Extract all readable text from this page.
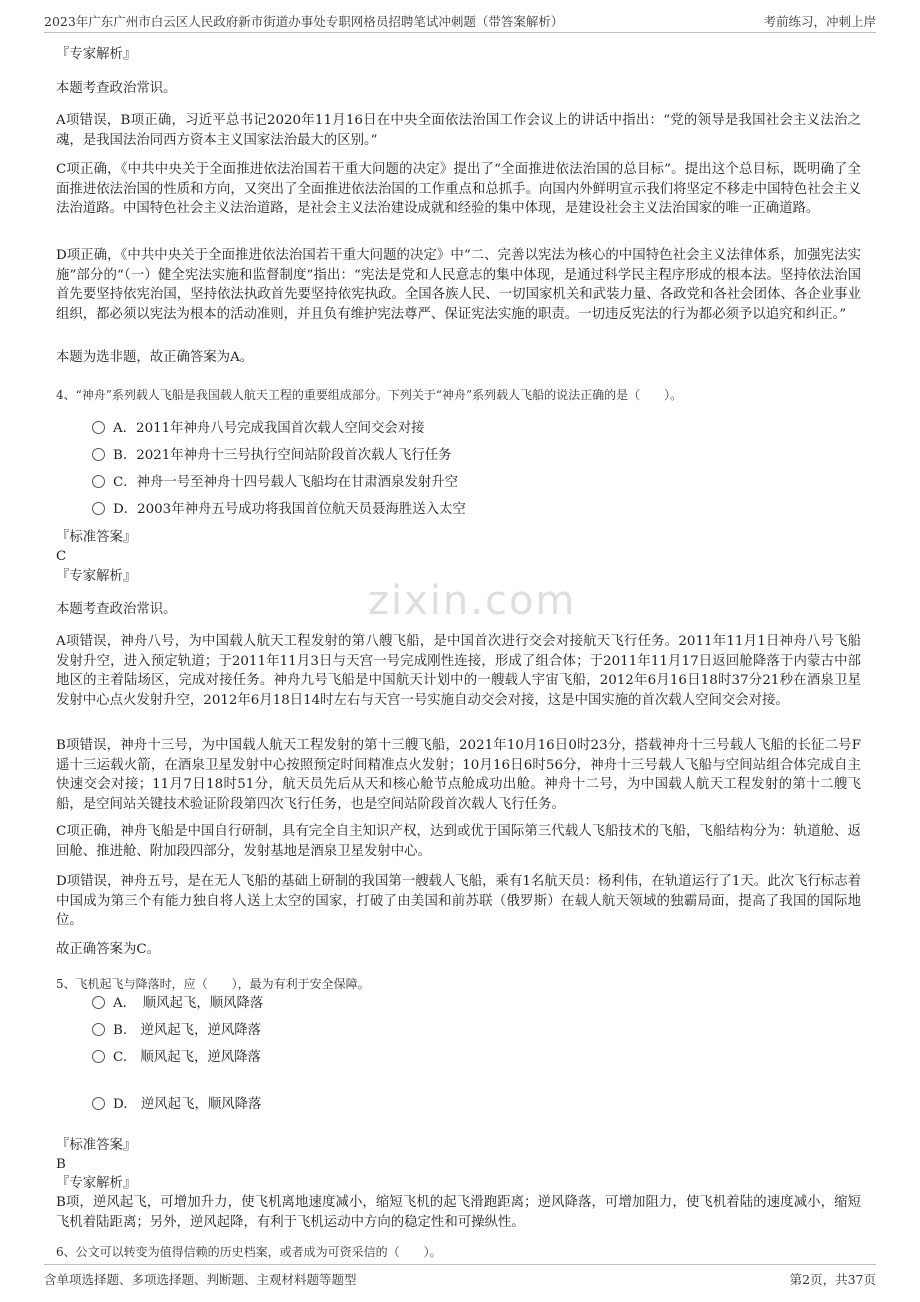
2023年广东广州市白云区人民政府新市街道办事处专职网格员招聘笔试冲刺题（带答案解析）	考前练习，冲刺上岸
zixin.com

『专家解析』

本题考查政治常识。

A项错误，B项正确，习近平总书记2020年11月16日在中央全面依法治国工作会议上的讲话中指出：“党的领导是我国社会主义法治之魂，是我国法治同西方资本主义国家法治最大的区别。”

C项正确，《中共中央关于全面推进依法治国若干重大问题的决定》提出了“全面推进依法治国的总目标”。提出这个总目标，既明确了全面推进依法治国的性质和方向，又突出了全面推进依法治国的工作重点和总抓手。向国内外鲜明宣示我们将坚定不移走中国特色社会主义法治道路。中国特色社会主义法治道路，是社会主义法治建设成就和经验的集中体现，是建设社会主义法治国家的唯一正确道路。

D项正确，《中共中央关于全面推进依法治国若干重大问题的决定》中“二、完善以宪法为核心的中国特色社会主义法律体系，加强宪法实施”部分的“（一）健全宪法实施和监督制度”指出：“宪法是党和人民意志的集中体现，是通过科学民主程序形成的根本法。坚持依法治国首先要坚持依宪治国，坚持依法执政首先要坚持依宪执政。全国各族人民、一切国家机关和武装力量、各政党和各社会团体、各企业事业组织，都必须以宪法为根本的活动准则，并且负有维护宪法尊严、保证宪法实施的职责。一切违反宪法的行为都必须予以追究和纠正。”

本题为选非题，故正确答案为A。

4、“神舟”系列载人飞船是我国载人航天工程的重要组成部分。下列关于“神舟”系列载人飞船的说法正确的是（　　）。

A．2011年神舟八号完成我国首次载人空间交会对接
B．2021年神舟十三号执行空间站阶段首次载人飞行任务
C．神舟一号至神舟十四号载人飞船均在甘肃酒泉发射升空
D．2003年神舟五号成功将我国首位航天员聂海胜送入太空

『标准答案』

C

『专家解析』

本题考查政治常识。

A项错误，神舟八号，为中国载人航天工程发射的第八艘飞船，是中国首次进行交会对接航天飞行任务。2011年11月1日神舟八号飞船发射升空，进入预定轨道；于2011年11月3日与天宫一号完成刚性连接，形成了组合体；于2011年11月17日返回舱降落于内蒙古中部地区的主着陆场区，完成对接任务。神舟九号飞船是中国航天计划中的一艘载人宇宙飞船，2012年6月16日18时37分21秒在酒泉卫星发射中心点火发射升空，2012年6月18日14时左右与天宫一号实施自动交会对接，这是中国实施的首次载人空间交会对接。

B项错误，神舟十三号，为中国载人航天工程发射的第十三艘飞船，2021年10月16日0时23分，搭载神舟十三号载人飞船的长征二号F遥十三运载火箭，在酒泉卫星发射中心按照预定时间精准点火发射；10月16日6时56分，神舟十三号载人飞船与空间站组合体完成自主快速交会对接；11月7日18时51分，航天员先后从天和核心舱节点舱成功出舱。神舟十二号，为中国载人航天工程发射的第十二艘飞船，是空间站关键技术验证阶段第四次飞行任务，也是空间站阶段首次载人飞行任务。

C项正确，神舟飞船是中国自行研制，具有完全自主知识产权，达到或优于国际第三代载人飞船技术的飞船，飞船结构分为：轨道舱、返回舱、推进舱、附加段四部分，发射基地是酒泉卫星发射中心。

D项错误，神舟五号，是在无人飞船的基础上研制的我国第一艘载人飞船，乘有1名航天员：杨利伟，在轨道运行了1天。此次飞行标志着中国成为第三个有能力独自将人送上太空的国家，打破了由美国和前苏联（俄罗斯）在载人航天领域的独霸局面，提高了我国的国际地位。

故正确答案为C。

5、飞机起飞与降落时，应（　　），最为有利于安全保障。

A．　顺风起飞，顺风降落
B.　逆风起飞，逆风降落
C.　顺风起飞，逆风降落
D.　逆风起飞，顺风降落

『标准答案』

B

『专家解析』

B项，逆风起飞，可增加升力，使飞机离地速度减小，缩短飞机的起飞滑跑距离；逆风降落，可增加阻力，使飞机着陆的速度减小，缩短飞机着陆距离；另外，逆风起降，有利于飞机运动中方向的稳定性和可操纵性。

6、公文可以转变为值得信赖的历史档案，或者成为可资采信的（　　）。

含单项选择题、多项选择题、判断题、主观材料题等题型	第2页，共37页
